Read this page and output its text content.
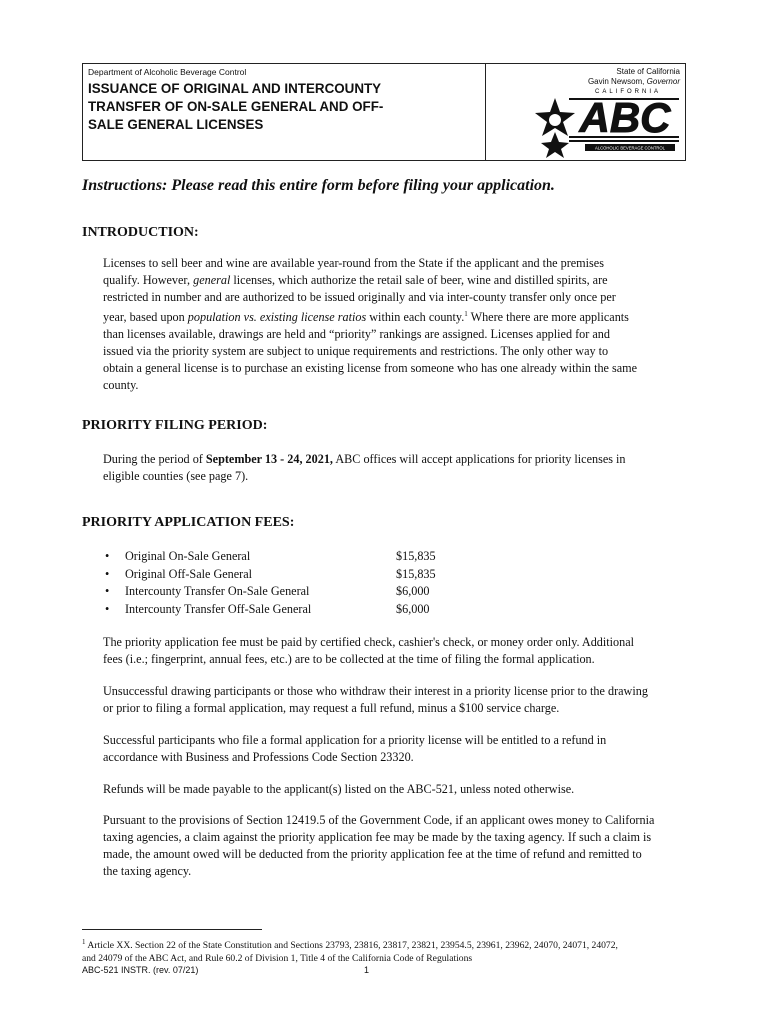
Department of Alcoholic Beverage Control
ISSUANCE OF ORIGINAL AND INTERCOUNTY
TRANSFER OF ON-SALE GENERAL AND OFF-
SALE GENERAL LICENSES
State of California
Gavin Newsom, Governor
CALIFORNIA
ABC
ALCOHOLIC BEVERAGE CONTROL
Instructions: Please read this entire form before filing your application.
INTRODUCTION:
Licenses to sell beer and wine are available year-round from the State if the applicant and the premises
qualify. However, general licenses, which authorize the retail sale of beer, wine and distilled spirits, are
restricted in number and are authorized to be issued originally and via inter-county transfer only once per
year, based upon population vs. existing license ratios within each county.$^1$ Where there are more applicants
than licenses available, drawings are held and “priority” rankings are assigned. Licenses applied for and
issued via the priority system are subject to unique requirements and restrictions. The only other way to
obtain a general license is to purchase an existing license from someone who has one already within the same
county.
PRIORITY FILING PERIOD:
During the period of September 13 - 24, 2021, ABC offices will accept applications for priority licenses in
eligible counties (see page 7).
PRIORITY APPLICATION FEES:
• Original On-Sale General	$15,835
• Original Off-Sale General	$15,835
• Intercounty Transfer On-Sale General	$6,000
• Intercounty Transfer Off-Sale General	$6,000
The priority application fee must be paid by certified check, cashier's check, or money order only. Additional
fees (i.e.; fingerprint, annual fees, etc.) are to be collected at the time of filing the formal application.
Unsuccessful drawing participants or those who withdraw their interest in a priority license prior to the drawing
or prior to filing a formal application, may request a full refund, minus a $100 service charge.
Successful participants who file a formal application for a priority license will be entitled to a refund in
accordance with Business and Professions Code Section 23320.
Refunds will be made payable to the applicant(s) listed on the ABC-521, unless noted otherwise.
Pursuant to the provisions of Section 12419.5 of the Government Code, if an applicant owes money to California
taxing agencies, a claim against the priority application fee may be made by the taxing agency. If such a claim is
made, the amount owed will be deducted from the priority application fee at the time of refund and remitted to
the taxing agency.
$^1$ Article XX. Section 22 of the State Constitution and Sections 23793, 23816, 23817, 23821, 23954.5, 23961, 23962, 24070, 24071, 24072,
and 24079 of the ABC Act, and Rule 60.2 of Division 1, Title 4 of the California Code of Regulations
ABC-521 INSTR. (rev. 07/21)	1
